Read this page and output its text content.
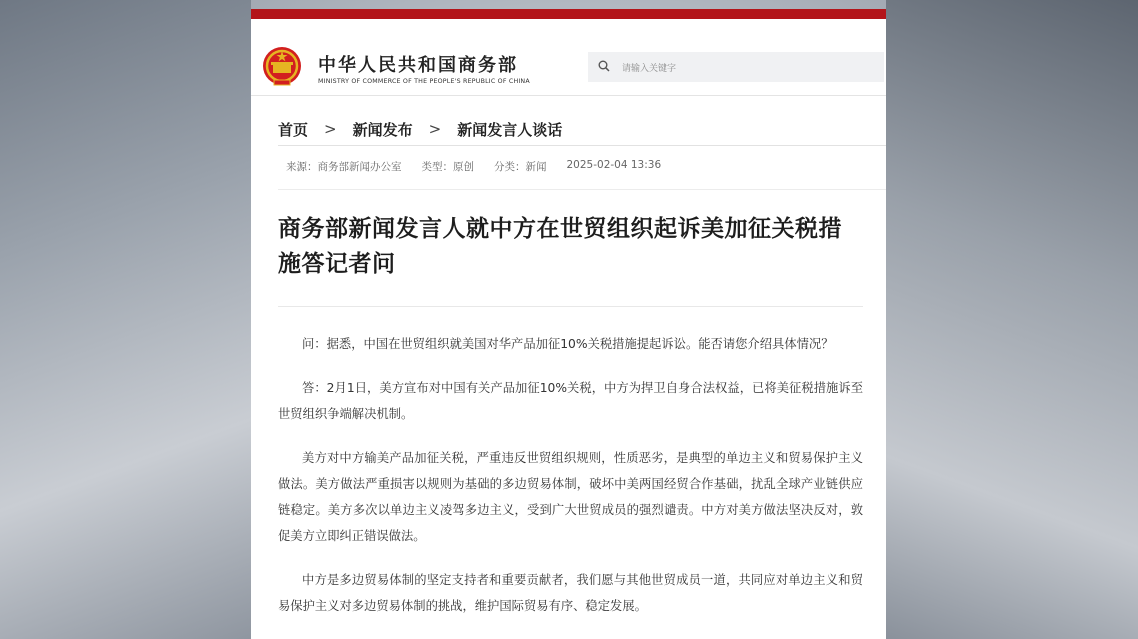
中华人民共和国商务部
MINISTRY OF COMMERCE OF THE PEOPLE'S REPUBLIC OF CHINA
请输入关键字
首页 > 新闻发布 > 新闻发言人谈话
来源：商务部新闻办公室 类型：原创 分类：新闻 2025-02-04 13:36
商务部新闻发言人就中方在世贸组织起诉美加征关税措施答记者问

问：据悉，中国在世贸组织就美国对华产品加征10%关税措施提起诉讼。能否请您介绍具体情况？

答：2月1日，美方宣布对中国有关产品加征10%关税，中方为捍卫自身合法权益，已将美征税措施诉至世贸组织争端解决机制。

美方对中方输美产品加征关税，严重违反世贸组织规则，性质恶劣，是典型的单边主义和贸易保护主义做法。美方做法严重损害以规则为基础的多边贸易体制，破坏中美两国经贸合作基础，扰乱全球产业链供应链稳定。美方多次以单边主义凌驾多边主义，受到广大世贸成员的强烈谴责。中方对美方做法坚决反对，敦促美方立即纠正错误做法。

中方是多边贸易体制的坚定支持者和重要贡献者，我们愿与其他世贸成员一道，共同应对单边主义和贸易保护主义对多边贸易体制的挑战，维护国际贸易有序、稳定发展。
